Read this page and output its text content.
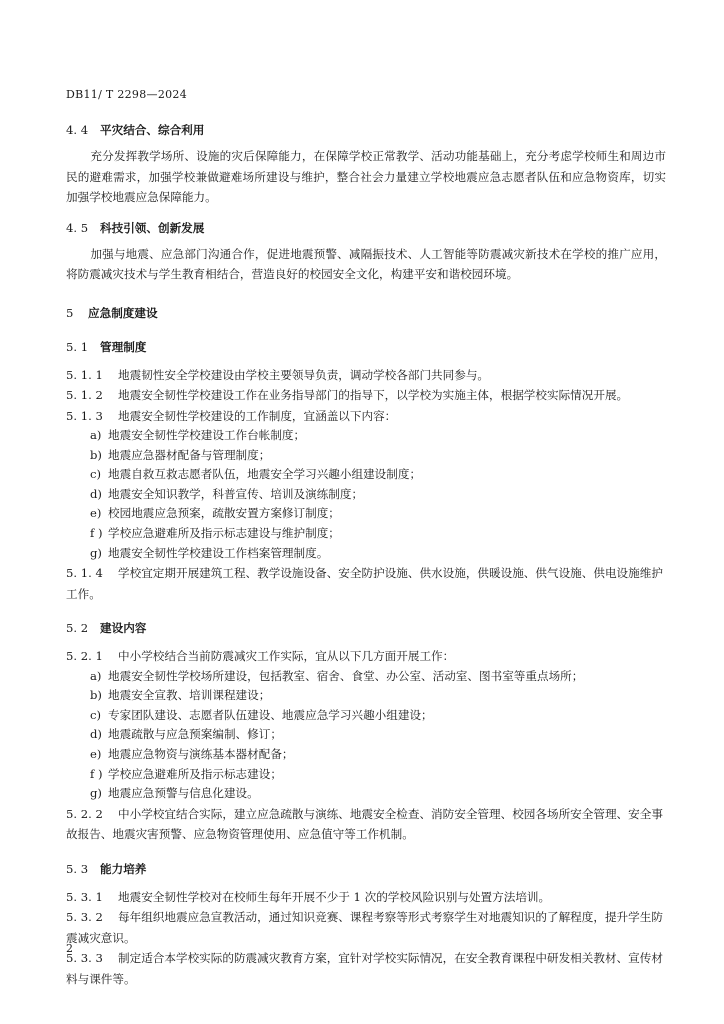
DB11/ T 2298—2024
4. 4 平灾结合、综合利用

充分发挥教学场所、设施的灾后保障能力，在保障学校正常教学、活动功能基础上，充分考虑学校师生和周边市民的避难需求，加强学校兼做避难场所建设与维护，整合社会力量建立学校地震应急志愿者队伍和应急物资库，切实加强学校地震应急保障能力。

4. 5 科技引领、创新发展

加强与地震、应急部门沟通合作，促进地震预警、减隔振技术、人工智能等防震减灾新技术在学校的推广应用，将防震减灾技术与学生教育相结合，营造良好的校园安全文化，构建平安和谐校园环境。

5 应急制度建设
5. 1 管理制度

5. 1. 1 地震韧性安全学校建设由学校主要领导负责，调动学校各部门共同参与。

5. 1. 2 地震安全韧性学校建设工作在业务指导部门的指导下，以学校为实施主体，根据学校实际情况开展。

5. 1. 3 地震安全韧性学校建设的工作制度，宜涵盖以下内容：

a) 地震安全韧性学校建设工作台帐制度；
b) 地震应急器材配备与管理制度；
c) 地震自救互救志愿者队伍，地震安全学习兴趣小组建设制度；
d) 地震安全知识教学，科普宣传、培训及演练制度；
e) 校园地震应急预案，疏散安置方案修订制度；
f ) 学校应急避难所及指示标志建设与维护制度；
g) 地震安全韧性学校建设工作档案管理制度。

5. 1. 4 学校宜定期开展建筑工程、教学设施设备、安全防护设施、供水设施，供暖设施、供气设施、供电设施维护工作。

5. 2 建设内容

5. 2. 1 中小学校结合当前防震减灾工作实际，宜从以下几方面开展工作：

a) 地震安全韧性学校场所建设，包括教室、宿舍、食堂、办公室、活动室、图书室等重点场所；
b) 地震安全宣教、培训课程建设；
c) 专家团队建设、志愿者队伍建设、地震应急学习兴趣小组建设；
d) 地震疏散与应急预案编制、修订；
e) 地震应急物资与演练基本器材配备；
f ) 学校应急避难所及指示标志建设；
g) 地震应急预警与信息化建设。

5. 2. 2 中小学校宜结合实际，建立应急疏散与演练、地震安全检查、消防安全管理、校园各场所安全管理、安全事故报告、地震灾害预警、应急物资管理使用、应急值守等工作机制。

5. 3 能力培养

5. 3. 1 地震安全韧性学校对在校师生每年开展不少于 1 次的学校风险识别与处置方法培训。

5. 3. 2 每年组织地震应急宣教活动，通过知识竞赛、课程考察等形式考察学生对地震知识的了解程度，提升学生防震减灾意识。

5. 3. 3 制定适合本学校实际的防震减灾教育方案，宜针对学校实际情况，在安全教育课程中研发相关教材、宣传材料与课件等。

2
